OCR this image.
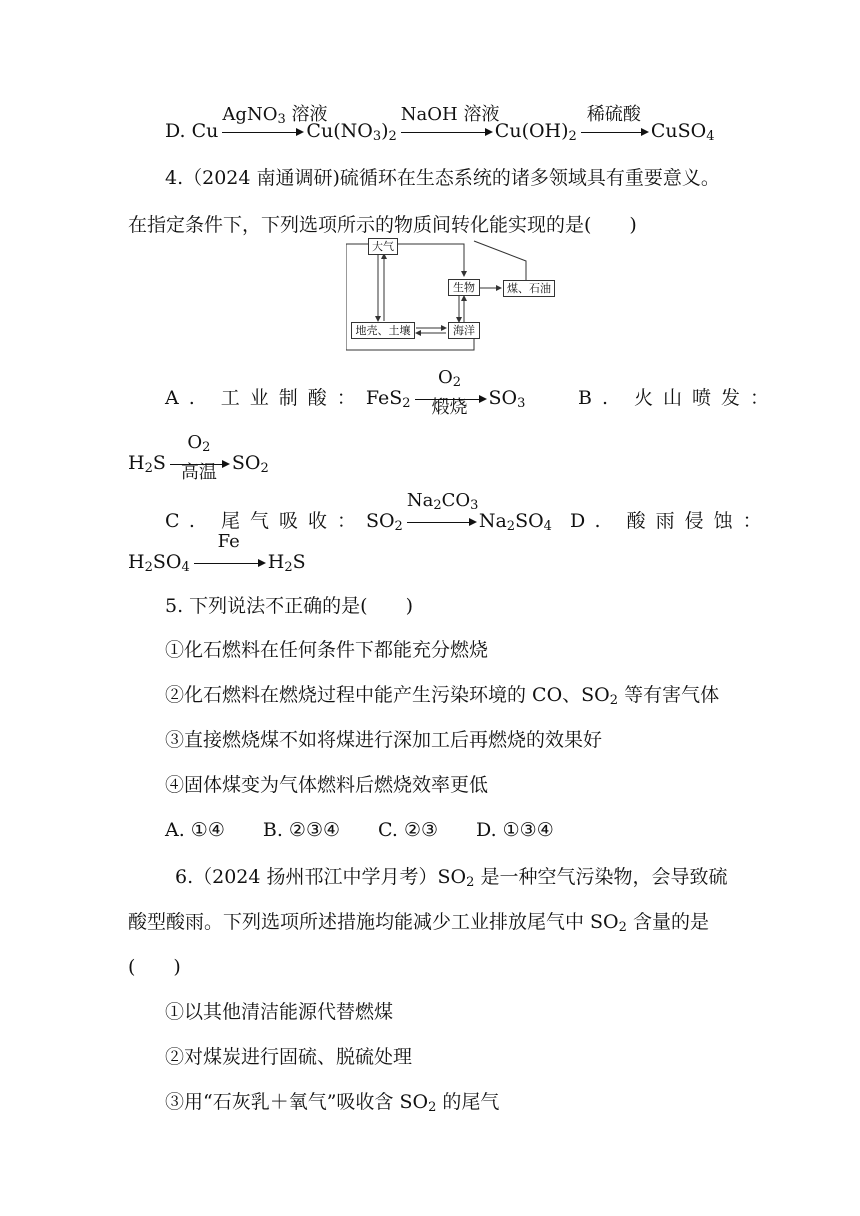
D. Cu
AgNO$_3$ 溶液
$Cu(NO_3)_2$
NaOH 溶液
$Cu(OH)_2$
稀硫酸
CuSO$_4$
4.（2024 南通调研)硫循环在生态系统的诸多领域具有重要意义。
在指定条件下，下列选项所示的物质间转化能实现的是(　　)
大气
生物	煤、石油
地壳、土壤	海洋
A. 工业制酸：FeS$_2$
$O_2$
煅烧	$SO_3$	B. 火山喷发：
$H_2S$
$O_2$
高温 $SO_2$
C. 尾气吸收：$SO_2$
$Na_2CO_3$
$Na_2SO_4$ D. 酸雨侵蚀：
$H_2SO_4$
Fe
$H_2S$
5. 下列说法不正确的是(　　)
①化石燃料在任何条件下都能充分燃烧
②化石燃料在燃烧过程中能产生污染环境的 CO、$SO_2$ 等有害气体
③直接燃烧煤不如将煤进行深加工后再燃烧的效果好
④固体煤变为气体燃料后燃烧效率更低
A. ①④　　B. ②③④　　C. ②③　　D. ①③④
6.（2024 扬州邗江中学月考）$SO_2$ 是一种空气污染物，会导致硫
酸型酸雨。下列选项所述措施均能减少工业排放尾气中 $SO_2$ 含量的是
(　　)
①以其他清洁能源代替燃煤
②对煤炭进行固硫、脱硫处理
③用“石灰乳＋氧气”吸收含 $SO_2$ 的尾气
